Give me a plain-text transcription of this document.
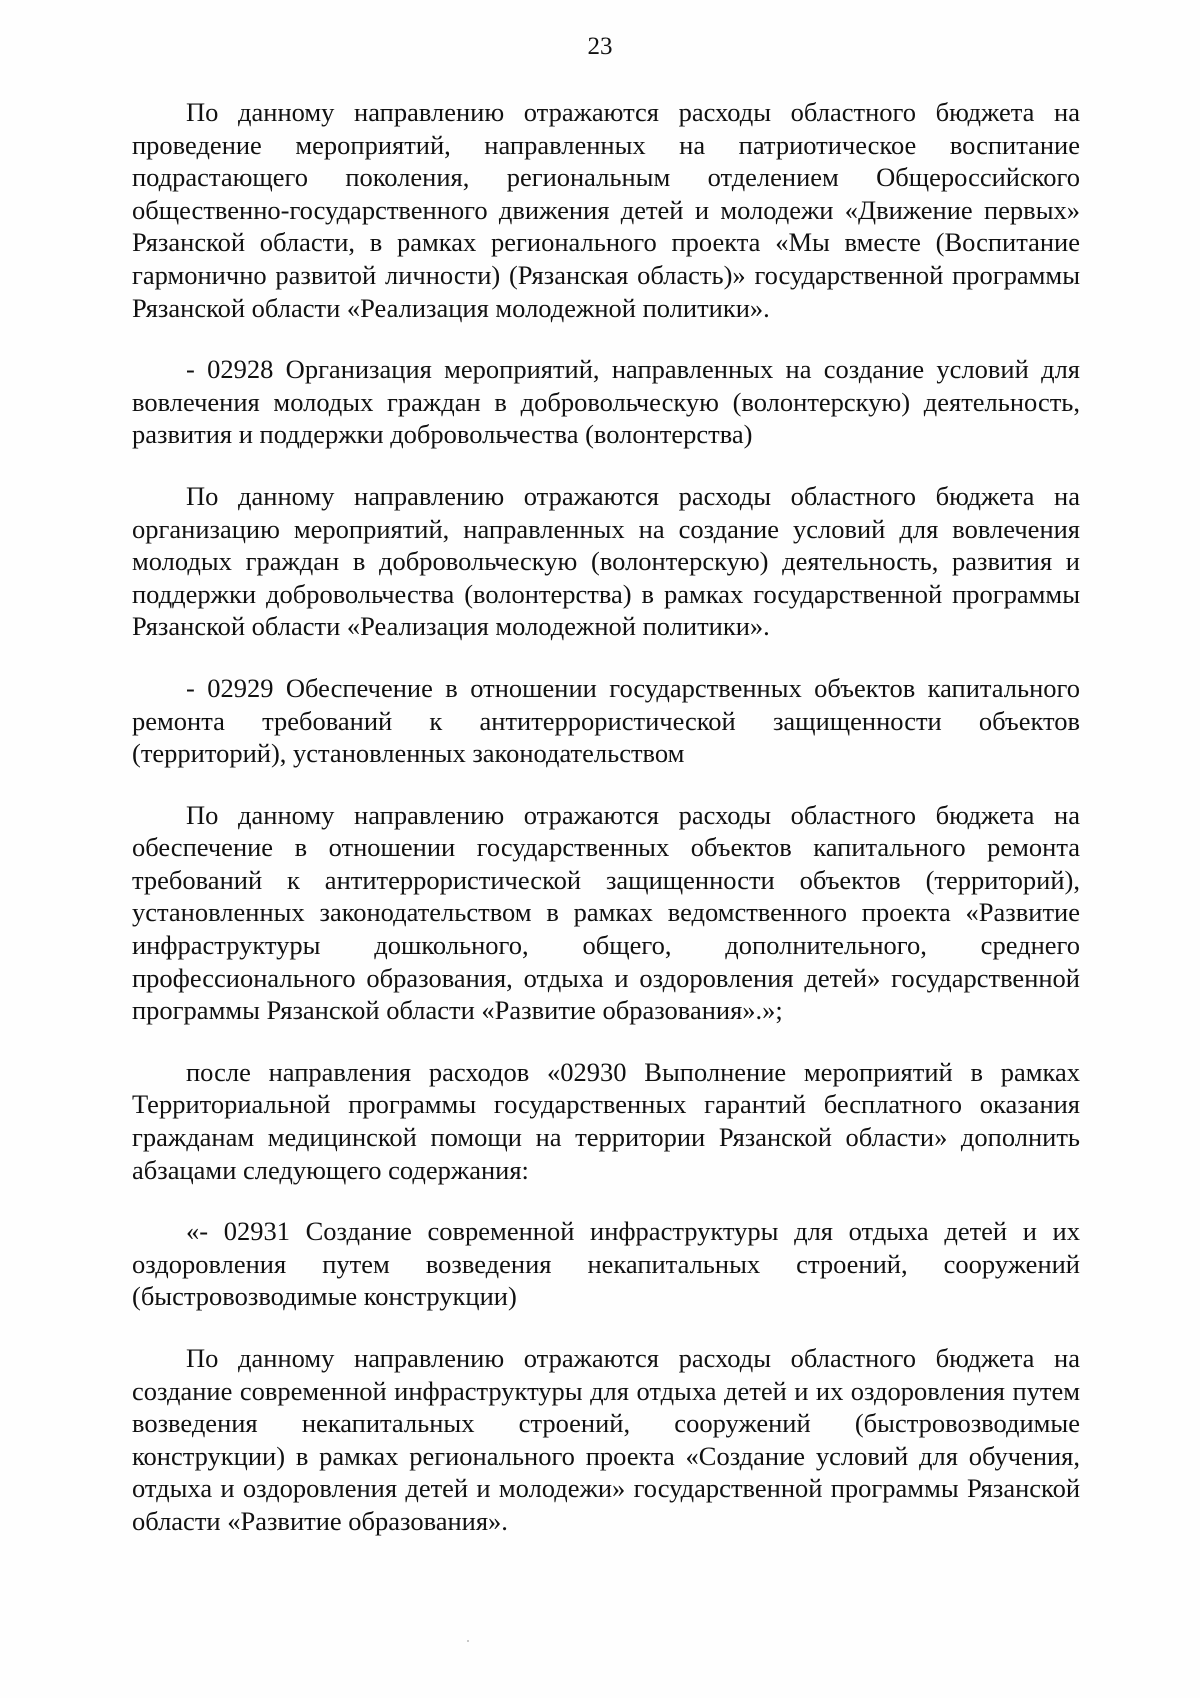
23

По данному направлению отражаются расходы областного бюджета на проведение мероприятий, направленных на патриотическое воспитание подрастающего поколения, региональным отделением Общероссийского общественно-государственного движения детей и молодежи «Движение первых» Рязанской области, в рамках регионального проекта «Мы вместе (Воспитание гармонично развитой личности) (Рязанская область)» государственной программы Рязанской области «Реализация молодежной политики».

- 02928 Организация мероприятий, направленных на создание условий для вовлечения молодых граждан в добровольческую (волонтерскую) деятельность, развития и поддержки добровольчества (волонтерства)

По данному направлению отражаются расходы областного бюджета на организацию мероприятий, направленных на создание условий для вовлечения молодых граждан в добровольческую (волонтерскую) деятельность, развития и поддержки добровольчества (волонтерства) в рамках государственной программы Рязанской области «Реализация молодежной политики».

- 02929 Обеспечение в отношении государственных объектов капитального ремонта требований к антитеррористической защищенности объектов (территорий), установленных законодательством

По данному направлению отражаются расходы областного бюджета на обеспечение в отношении государственных объектов капитального ремонта требований к антитеррористической защищенности объектов (территорий), установленных законодательством в рамках ведомственного проекта «Развитие инфраструктуры дошкольного, общего, дополнительного, среднего профессионального образования, отдыха и оздоровления детей» государственной программы Рязанской области «Развитие образования».»;

после направления расходов «02930 Выполнение мероприятий в рамках Территориальной программы государственных гарантий бесплатного оказания гражданам медицинской помощи на территории Рязанской области» дополнить абзацами следующего содержания:

«- 02931 Создание современной инфраструктуры для отдыха детей и их оздоровления путем возведения некапитальных строений, сооружений (быстровозводимые конструкции)

По данному направлению отражаются расходы областного бюджета на создание современной инфраструктуры для отдыха детей и их оздоровления путем возведения некапитальных строений, сооружений (быстровозводимые конструкции) в рамках регионального проекта «Создание условий для обучения, отдыха и оздоровления детей и молодежи» государственной программы Рязанской области «Развитие образования».
